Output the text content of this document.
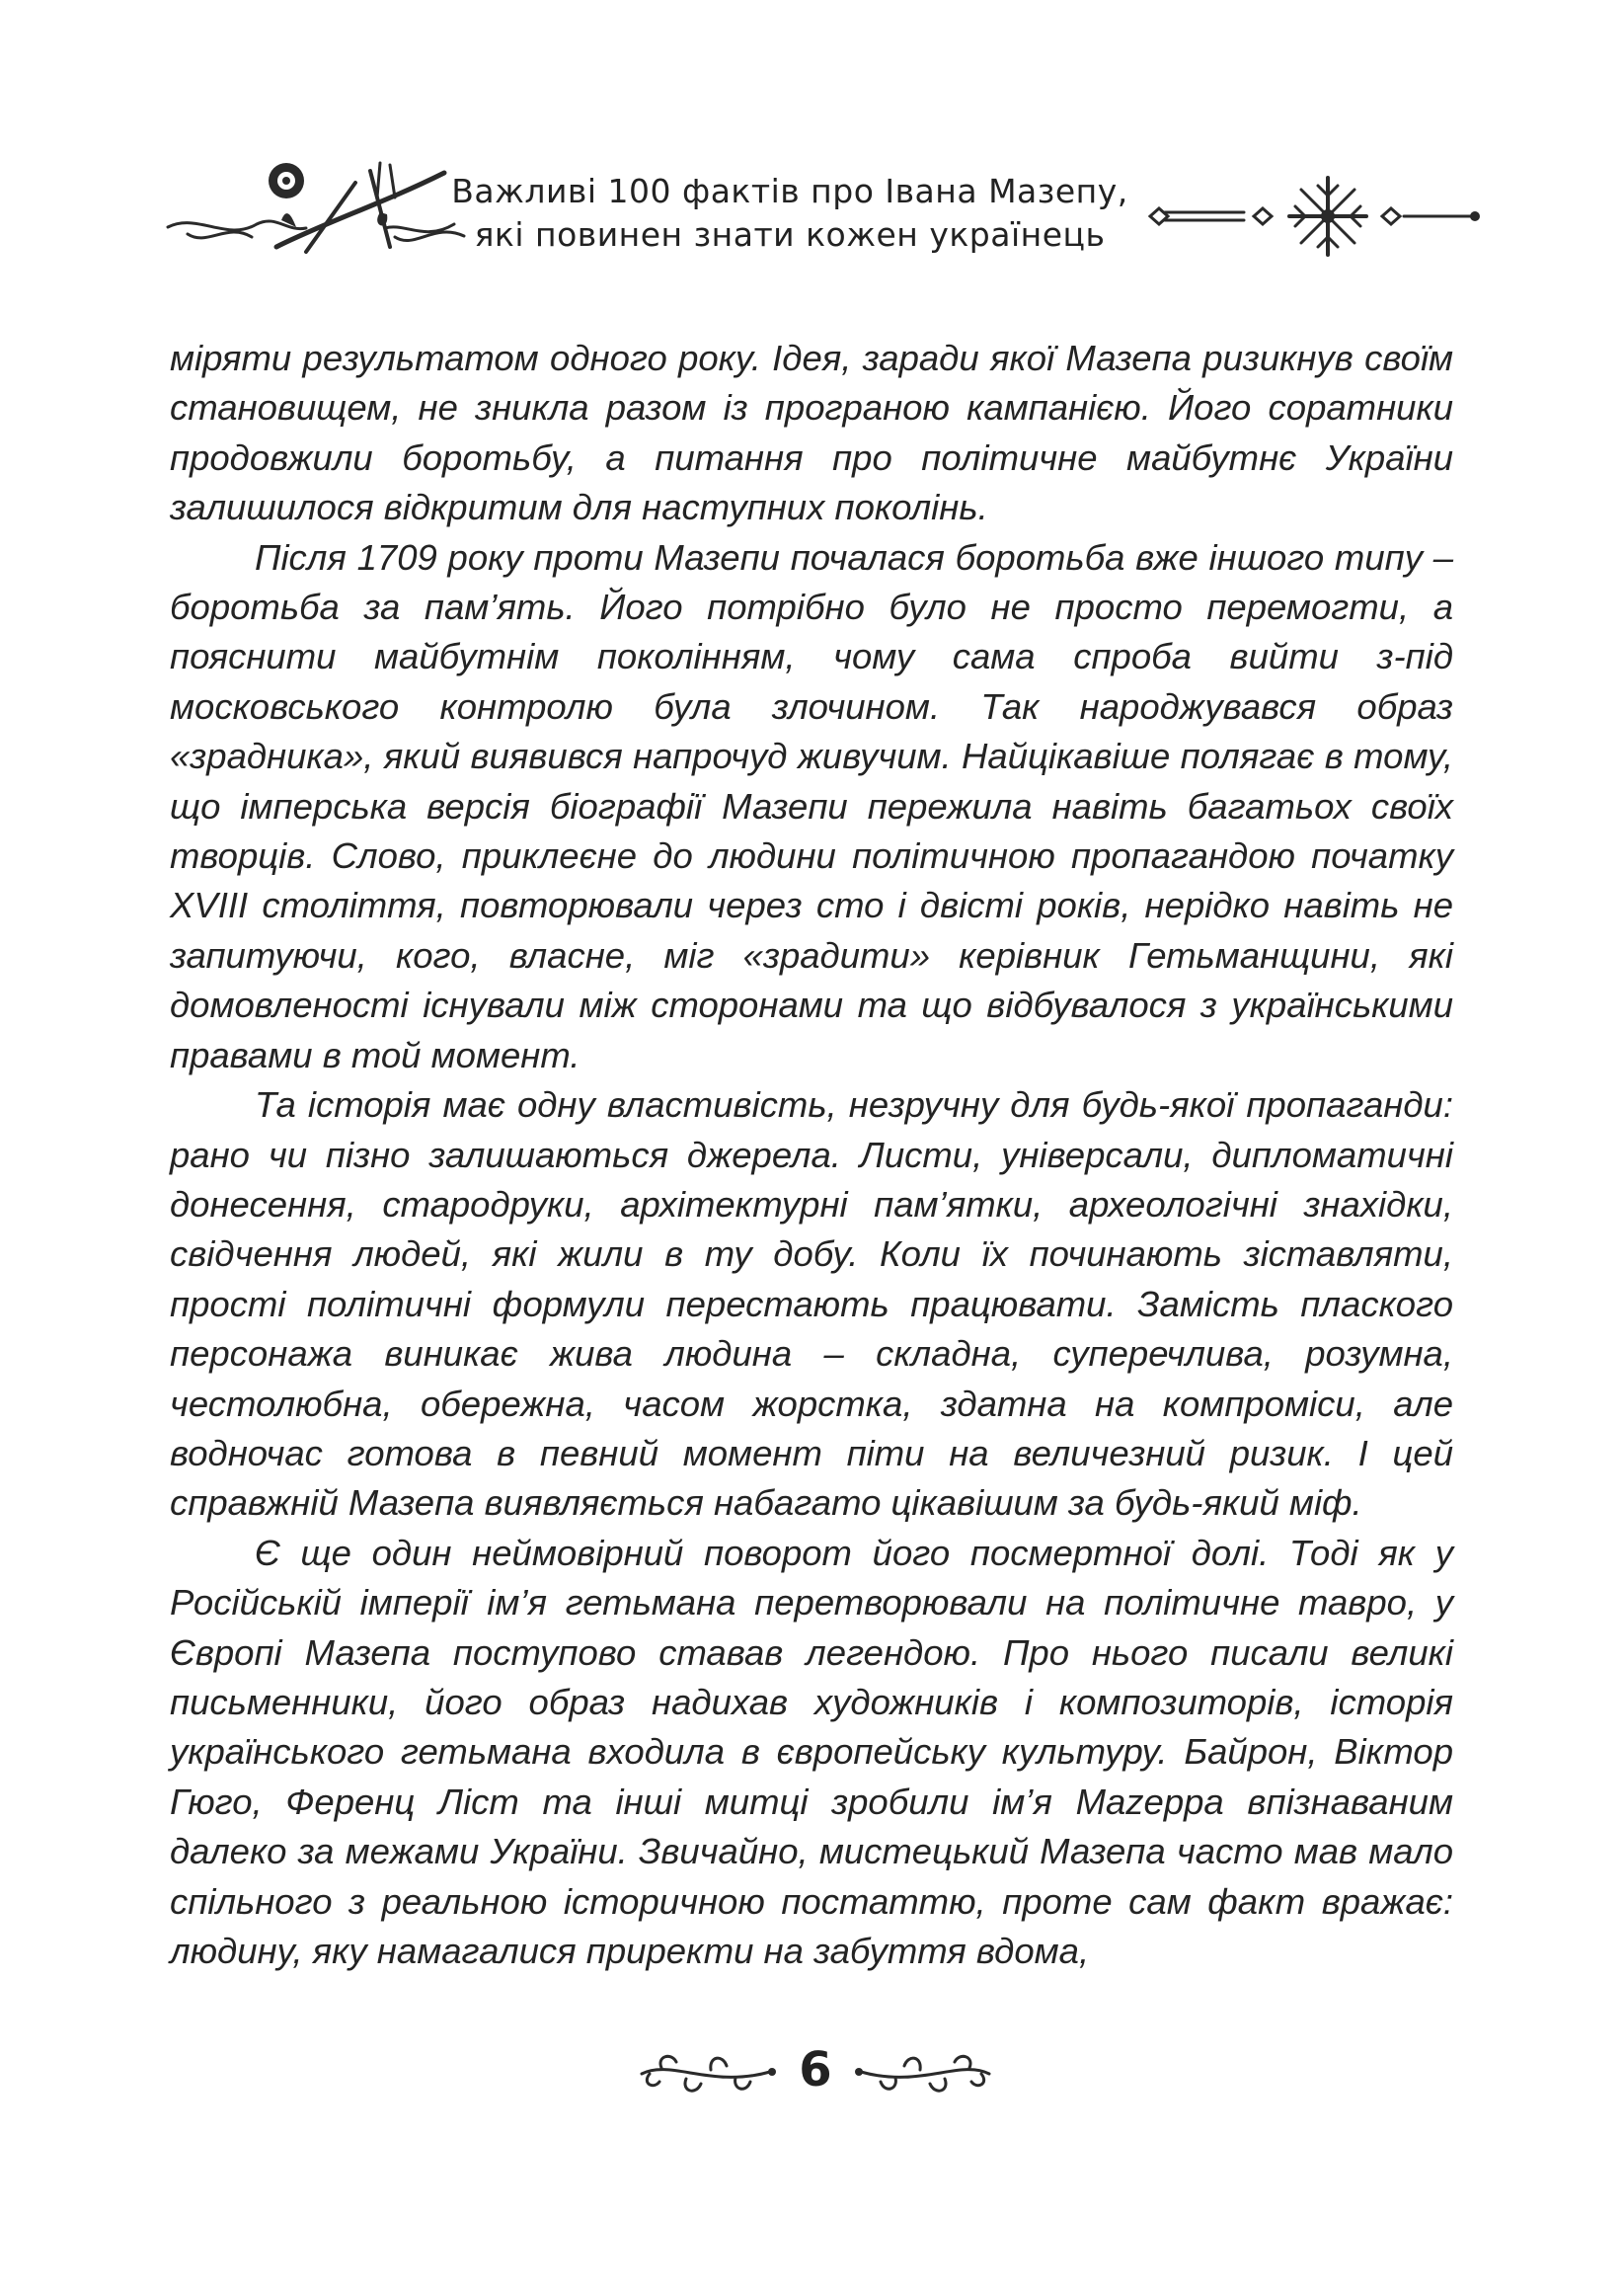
Важливі 100 фактів про Івана Мазепу,
які повинен знати кожен українець

міряти результатом одного року. Ідея, заради якої Мазепа ризикнув своїм становищем, не зникла разом із програною кампанією. Його соратники продовжили боротьбу, а питання про політичне майбутнє України залишилося відкритим для наступних поколінь.

Після 1709 року проти Мазепи почалася боротьба вже іншого типу – боротьба за пам’ять. Його потрібно було не просто перемогти, а пояснити майбутнім поколінням, чому сама спроба вийти з-під московського контролю була злочином. Так народжувався образ «зрадника», який виявився напрочуд живучим. Найцікавіше полягає в тому, що імперська версія біографії Мазепи пережила навіть багатьох своїх творців. Слово, приклеєне до людини політичною пропагандою початку XVIII століття, повторювали через сто і двісті років, нерідко навіть не запитуючи, кого, власне, міг «зрадити» керівник Гетьманщини, які домовленості існували між сторонами та що відбувалося з українськими правами в той момент.

Та історія має одну властивість, незручну для будь-якої пропаганди: рано чи пізно залишаються джерела. Листи, універсали, дипломатичні донесення, стародруки, архітектурні пам’ятки, археологічні знахідки, свідчення людей, які жили в ту добу. Коли їх починають зіставляти, прості політичні формули перестають працювати. Замість плаского персонажа виникає жива людина – складна, суперечлива, розумна, честолюбна, обережна, часом жорстка, здатна на компроміси, але водночас готова в певний момент піти на величезний ризик. І цей справжній Мазепа виявляється набагато цікавішим за будь-який міф.

Є ще один неймовірний поворот його посмертної долі. Тоді як у Російській імперії ім’я гетьмана перетворювали на політичне тавро, у Європі Мазепа поступово ставав легендою. Про нього писали великі письменники, його образ надихав художників і композиторів, історія українського гетьмана входила в європейську культуру. Байрон, Віктор Гюго, Ференц Ліст та інші митці зробили ім’я Mazeppa впізнаваним далеко за межами України. Звичайно, мистецький Мазепа часто мав мало спільного з реальною історичною постаттю, проте сам факт вражає: людину, яку намагалися приректи на забуття вдома,

6
